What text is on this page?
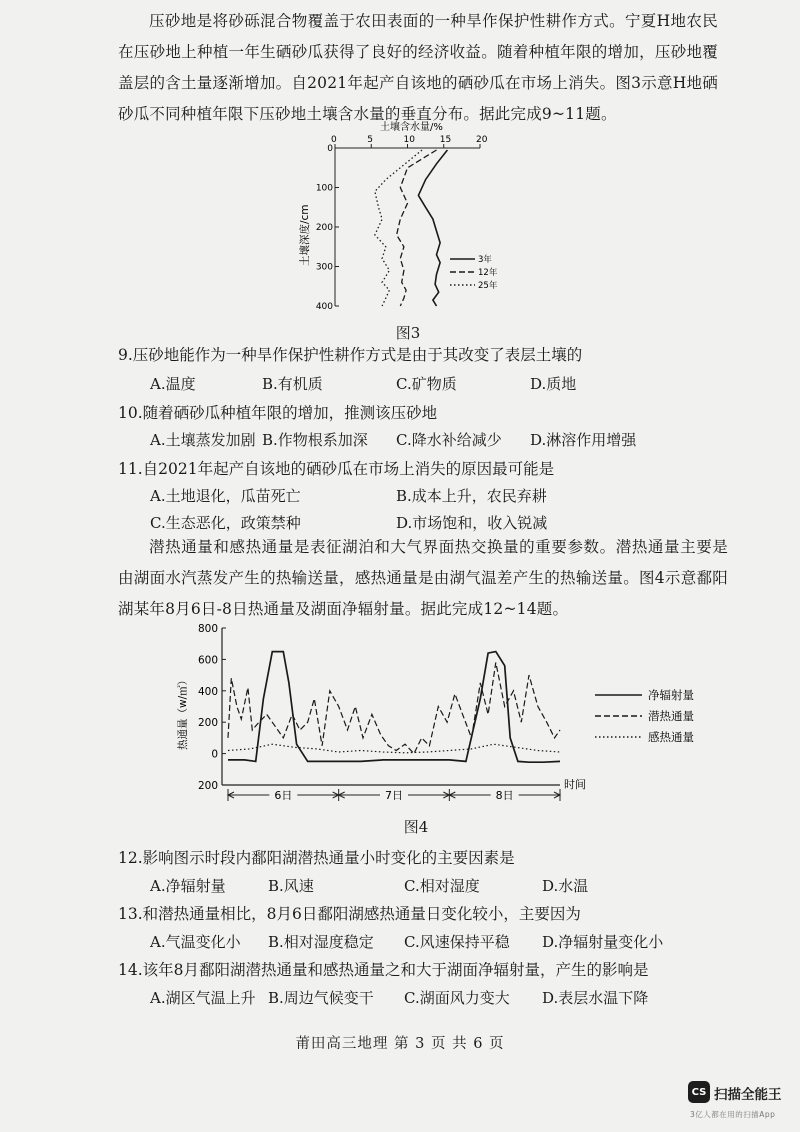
压砂地是将砂砾混合物覆盖于农田表面的一种旱作保护性耕作方式。宁夏H地农民在压砂地上种植一年生硒砂瓜获得了良好的经济收益。随着种植年限的增加，压砂地覆盖层的含土量逐渐增加。自2021年起产自该地的硒砂瓜在市场上消失。图3示意H地硒砂瓜不同种植年限下压砂地土壤含水量的垂直分布。据此完成9~11题。
土壤含水量/%
0	5	10	15	20
0
100
200
300
400
土壤深度/cm	3年
12年
25年
图3
9.压砂地能作为一种旱作保护性耕作方式是由于其改变了表层土壤的
A.温度	B.有机质	C.矿物质	D.质地
10.随着硒砂瓜种植年限的增加，推测该压砂地
A.土壤蒸发加剧 B.作物根系加深 C.降水补给减少 D.淋溶作用增强
11.自2021年起产自该地的硒砂瓜在市场上消失的原因最可能是
A.土地退化，瓜苗死亡	B.成本上升，农民弃耕
C.生态恶化，政策禁种	D.市场饱和，收入锐减
潜热通量和感热通量是表征湖泊和大气界面热交换量的重要参数。潜热通量主要是由湖面水汽蒸发产生的热输送量，感热通量是由湖气温差产生的热输送量。图4示意鄱阳湖某年8月6日-8日热通量及湖面净辐射量。据此完成12~14题。
800
600
400
200
0
200
热通量（w/㎡）
6日	7日	8日
时间
净辐射量
潜热通量
感热通量
图4
12.影响图示时段内鄱阳湖潜热通量小时变化的主要因素是
A.净辐射量	B.风速	C.相对湿度	D.水温
13.和潜热通量相比，8月6日鄱阳湖感热通量日变化较小，主要因为
A.气温变化小 B.相对湿度稳定 C.风速保持平稳 D.净辐射量变化小
14.该年8月鄱阳湖潜热通量和感热通量之和大于湖面净辐射量，产生的影响是
A.湖区气温上升 B.周边气候变干 C.湖面风力变大 D.表层水温下降
莆田高三地理 第 3 页 共 6 页
CS 扫描全能王
3亿人都在用的扫描App
